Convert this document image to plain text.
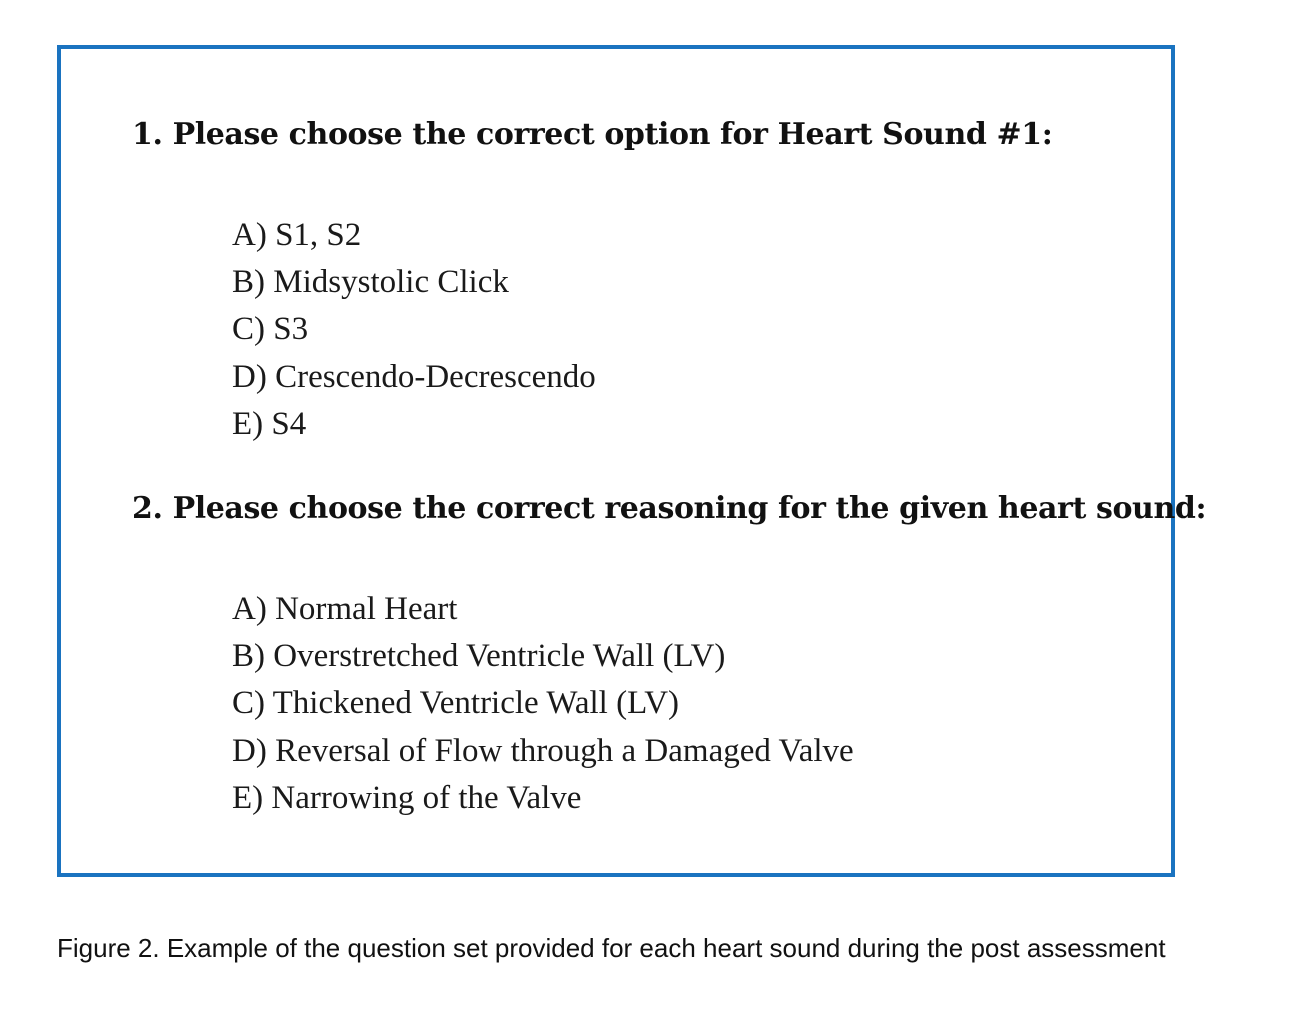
1. Please choose the correct option for Heart Sound #1:
A) S1, S2
B) Midsystolic Click
C) S3
D) Crescendo-Decrescendo
E) S4
2. Please choose the correct reasoning for the given heart sound:
A) Normal Heart
B) Overstretched Ventricle Wall (LV)
C) Thickened Ventricle Wall (LV)
D) Reversal of Flow through a Damaged Valve
E) Narrowing of the Valve

Figure 2. Example of the question set provided for each heart sound during the post assessment
